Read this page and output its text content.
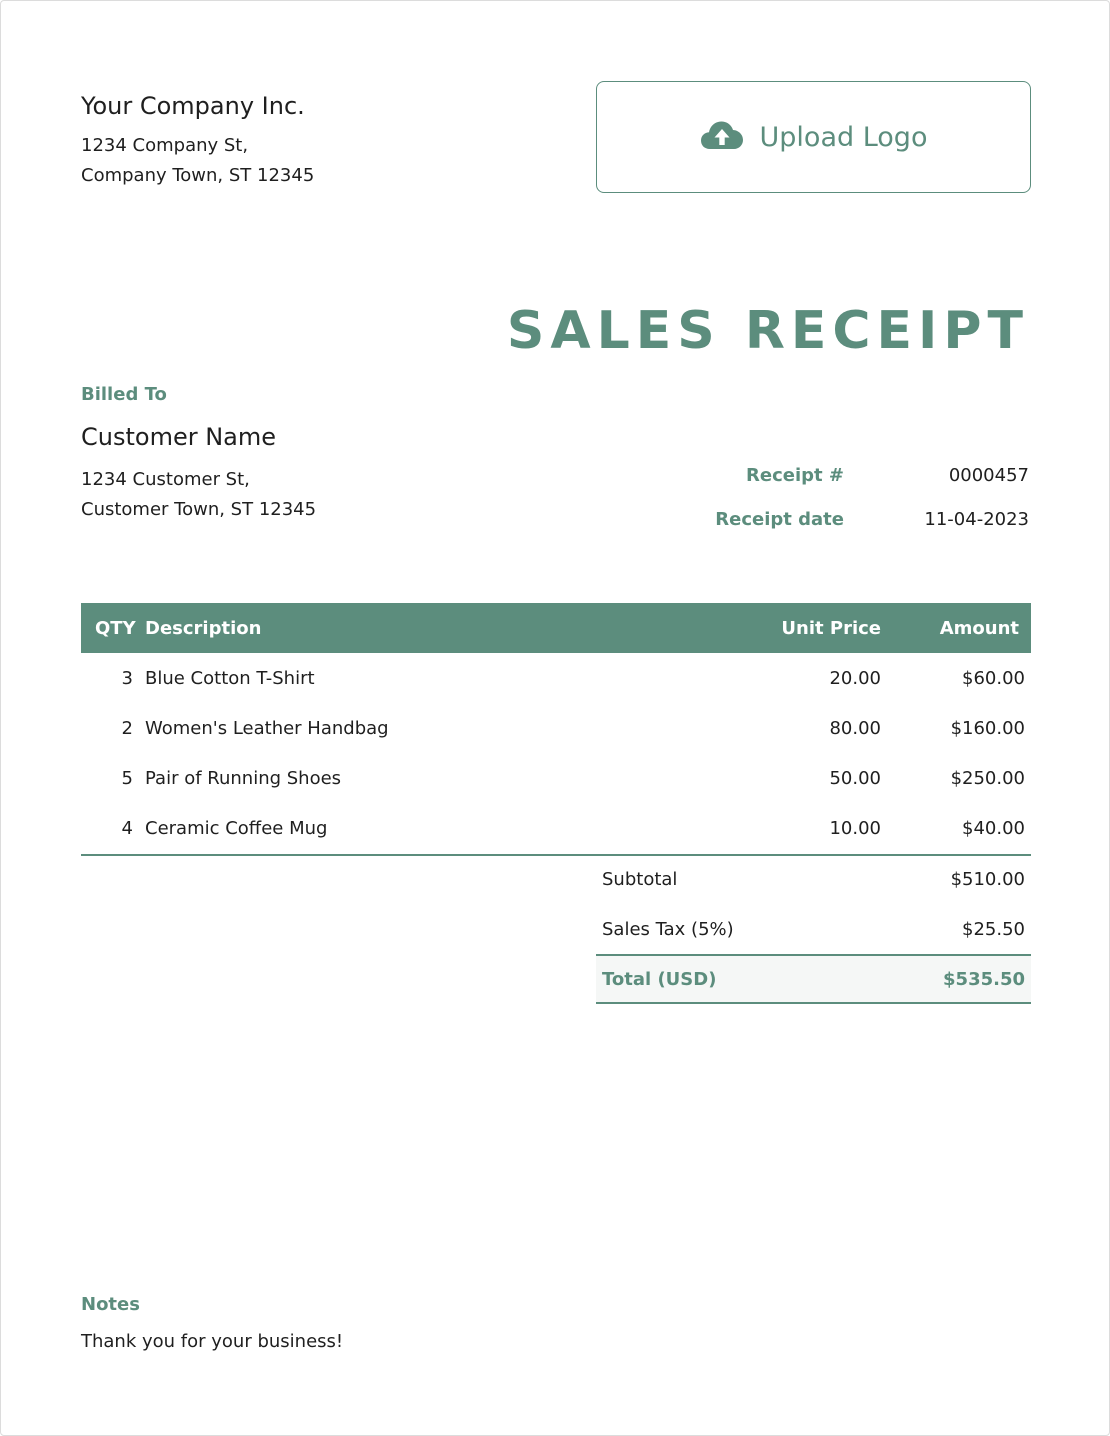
Your Company Inc.
1234 Company St,
Company Town, ST 12345
Upload Logo
SALES RECEIPT
Billed To
Customer Name
1234 Customer St,
Customer Town, ST 12345
Receipt #	0000457
Receipt date	11-04-2023
QTY Description	Unit Price	Amount
3 Blue Cotton T-Shirt	20.00	$60.00
2 Women's Leather Handbag	80.00	$160.00
5 Pair of Running Shoes	50.00	$250.00
4 Ceramic Coffee Mug	10.00	$40.00
Subtotal	$510.00
Sales Tax (5%)	$25.50
Total (USD)	$535.50
Notes
Thank you for your business!
